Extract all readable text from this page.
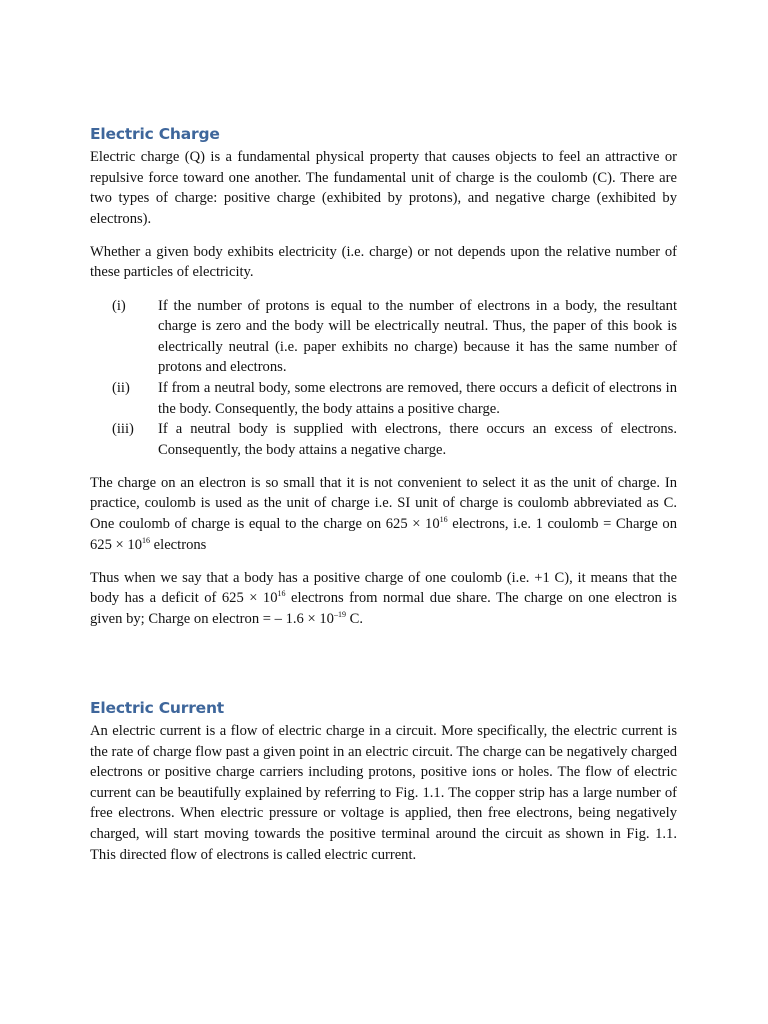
Electric Charge

Electric charge (Q) is a fundamental physical property that causes objects to feel an attractive or repulsive force toward one another. The fundamental unit of charge is the coulomb (C). There are two types of charge: positive charge (exhibited by protons), and negative charge (exhibited by electrons).

Whether a given body exhibits electricity (i.e. charge) or not depends upon the relative number of these particles of electricity.

(i)	If the number of protons is equal to the number of electrons in a body, the resultant charge is zero and the body will be electrically neutral. Thus, the paper of this book is electrically neutral (i.e. paper exhibits no charge) because it has the same number of protons and electrons.
(ii)	If from a neutral body, some electrons are removed, there occurs a deficit of electrons in the body. Consequently, the body attains a positive charge.
(iii)	If a neutral body is supplied with electrons, there occurs an excess of electrons. Consequently, the body attains a negative charge.

The charge on an electron is so small that it is not convenient to select it as the unit of charge. In practice, coulomb is used as the unit of charge i.e. SI unit of charge is coulomb abbreviated as C. One coulomb of charge is equal to the charge on $625 \times 10^{16}$ electrons, i.e. 1 coulomb = Charge on $625 \times 10^{16}$ electrons

Thus when we say that a body has a positive charge of one coulomb (i.e. +1 C), it means that the body has a deficit of $625 \times 10^{16}$ electrons from normal due share. The charge on one electron is given by; Charge on electron = – $1.6 \times 10^{-19}$ C.

Electric Current

An electric current is a flow of electric charge in a circuit. More specifically, the electric current is the rate of charge flow past a given point in an electric circuit. The charge can be negatively charged electrons or positive charge carriers including protons, positive ions or holes. The flow of electric current can be beautifully explained by referring to Fig. 1.1. The copper strip has a large number of free electrons. When electric pressure or voltage is applied, then free electrons, being negatively charged, will start moving towards the positive terminal around the circuit as shown in Fig. 1.1. This directed flow of electrons is called electric current.
